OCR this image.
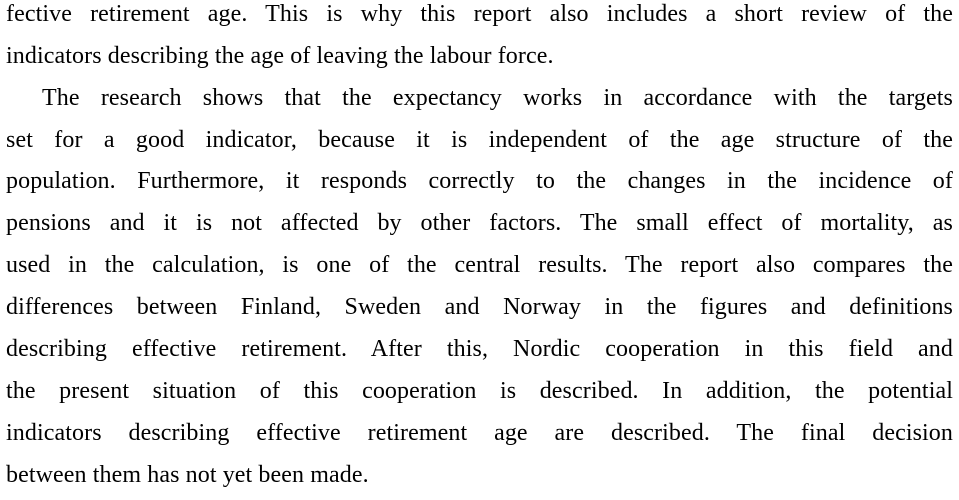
fective retirement age. This is why this report also includes a short review of the
indicators describing the age of leaving the labour force.
The research shows that the expectancy works in accordance with the targets
set for a good indicator, because it is independent of the age structure of the
population. Furthermore, it responds correctly to the changes in the incidence of
pensions and it is not affected by other factors. The small effect of mortality, as
used in the calculation, is one of the central results. The report also compares the
differences between Finland, Sweden and Norway in the figures and definitions
describing effective retirement. After this, Nordic cooperation in this field and
the present situation of this cooperation is described. In addition, the potential
indicators describing effective retirement age are described. The final decision
between them has not yet been made.
